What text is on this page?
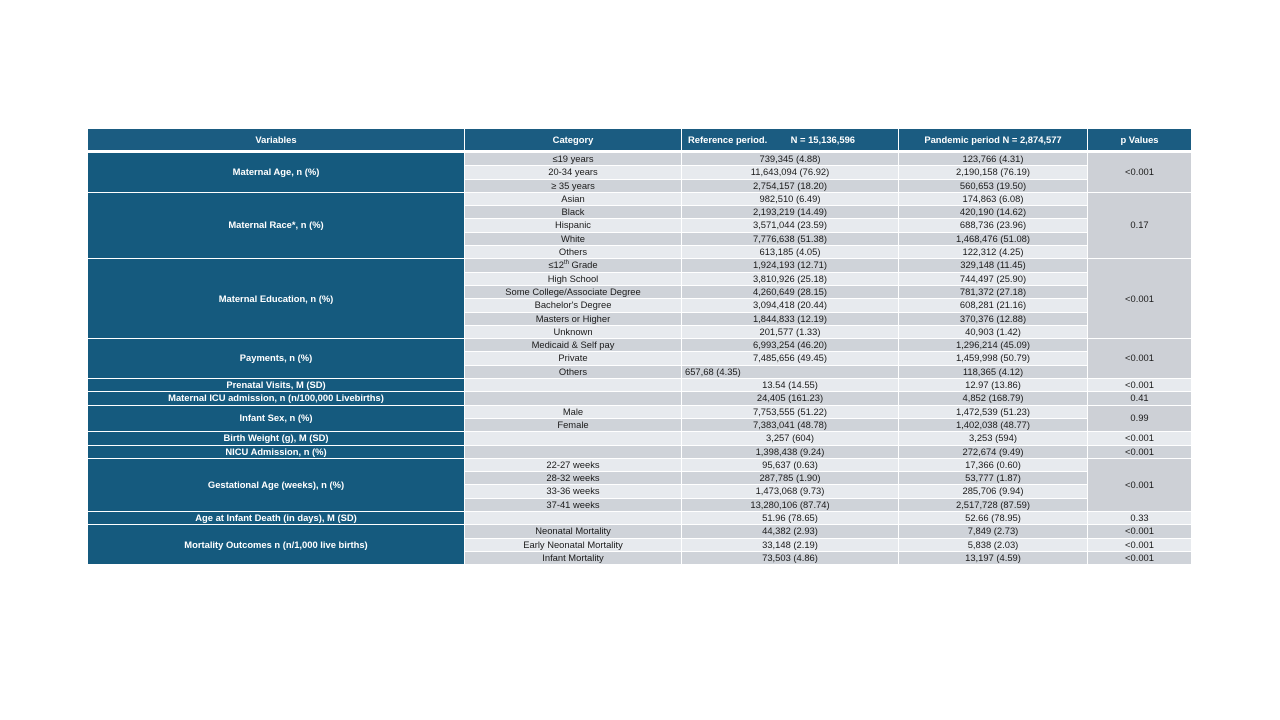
Variables	Category	Reference period.         N = 15,136,596	Pandemic period N = 2,874,577	p Values
Maternal Age, n (%)	≤19 years	739,345 (4.88)	123,766 (4.31)	<0.001
	20-34 years	11,643,094 (76.92)	2,190,158 (76.19)	
	≥ 35 years	2,754,157 (18.20)	560,653 (19.50)	
Maternal Race*, n (%)	Asian	982,510 (6.49)	174,863 (6.08)	0.17
	Black	2,193,219 (14.49)	420,190 (14.62)	
	Hispanic	3,571,044 (23.59)	688,736 (23.96)	
	White	7,776,638 (51.38)	1,468,476 (51.08)	
	Others	613,185 (4.05)	122,312 (4.25)	
Maternal Education, n (%)	≤12th Grade	1,924,193 (12.71)	329,148 (11.45)	<0.001
	High School	3,810,926 (25.18)	744,497 (25.90)	
	Some College/Associate Degree	4,260,649 (28.15)	781,372 (27.18)	
	Bachelor's Degree	3,094,418 (20.44)	608,281 (21.16)	
	Masters or Higher	1,844,833 (12.19)	370,376 (12.88)	
	Unknown	201,577 (1.33)	40,903 (1.42)	
Payments, n (%)	Medicaid & Self pay	6,993,254 (46.20)	1,296,214 (45.09)	<0.001
	Private	7,485,656 (49.45)	1,459,998 (50.79)	
	Others	657,68 (4.35)	118,365 (4.12)	
Prenatal Visits, M (SD)		13.54 (14.55)	12.97 (13.86)	<0.001
Maternal ICU admission, n (n/100,000 Livebirths)		24,405 (161.23)	4,852 (168.79)	0.41
Infant Sex, n (%)	Male	7,753,555 (51.22)	1,472,539 (51.23)	0.99
	Female	7,383,041 (48.78)	1,402,038 (48.77)	
Birth Weight (g), M (SD)		3,257 (604)	3,253 (594)	<0.001
NICU Admission, n (%)		1,398,438 (9.24)	272,674 (9.49)	<0.001
Gestational Age (weeks), n (%)	22-27 weeks	95,637 (0.63)	17,366 (0.60)	<0.001
	28-32 weeks	287,785 (1.90)	53,777 (1.87)	
	33-36 weeks	1,473,068 (9.73)	285,706 (9.94)	
	37-41 weeks	13,280,106 (87.74)	2,517,728 (87.59)	
Age at Infant Death (in days), M (SD)		51.96 (78.65)	52.66 (78.95)	0.33
Mortality Outcomes n (n/1,000 live births)	Neonatal Mortality	44,382 (2.93)	7,849 (2.73)	<0.001
	Early Neonatal Mortality	33,148 (2.19)	5,838 (2.03)	<0.001
	Infant Mortality	73,503 (4.86)	13,197 (4.59)	<0.001
